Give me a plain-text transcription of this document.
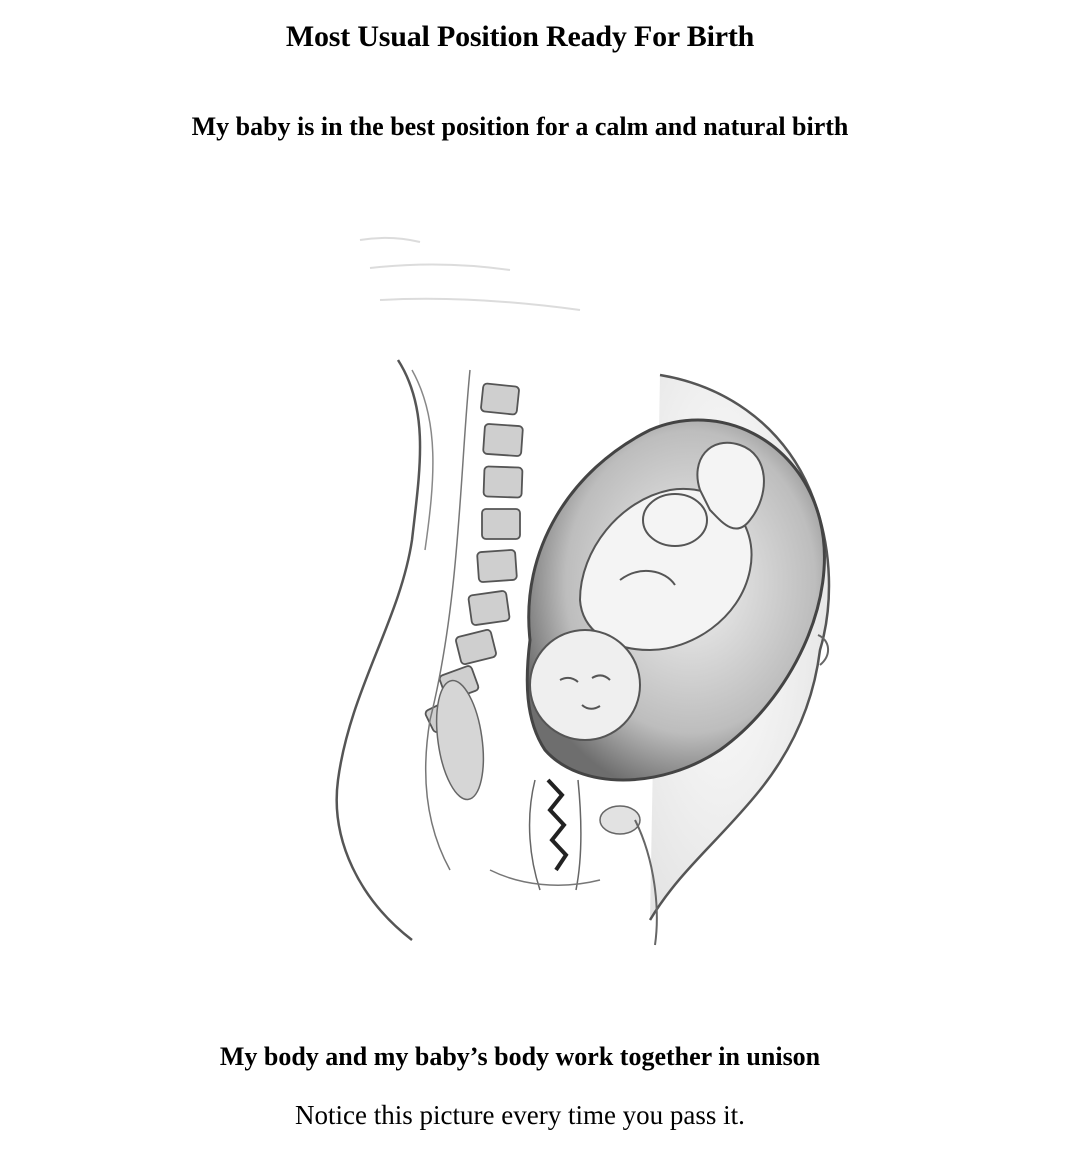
Most Usual Position Ready For Birth
My baby is in the best position for a calm and natural birth
My body and my baby’s body work together in unison
Notice this picture every time you pass it.
